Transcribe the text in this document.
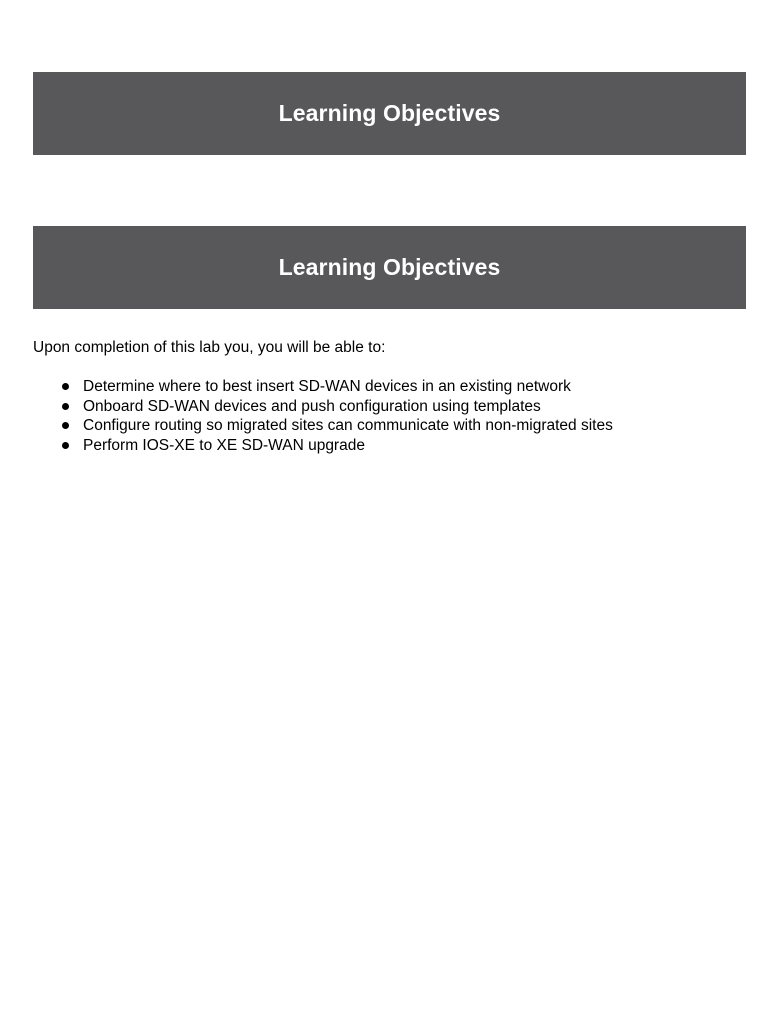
Learning Objectives
Learning Objectives

Upon completion of this lab you, you will be able to:

Determine where to best insert SD-WAN devices in an existing network
Onboard SD-WAN devices and push configuration using templates
Configure routing so migrated sites can communicate with non-migrated sites
Perform IOS-XE to XE SD-WAN upgrade
